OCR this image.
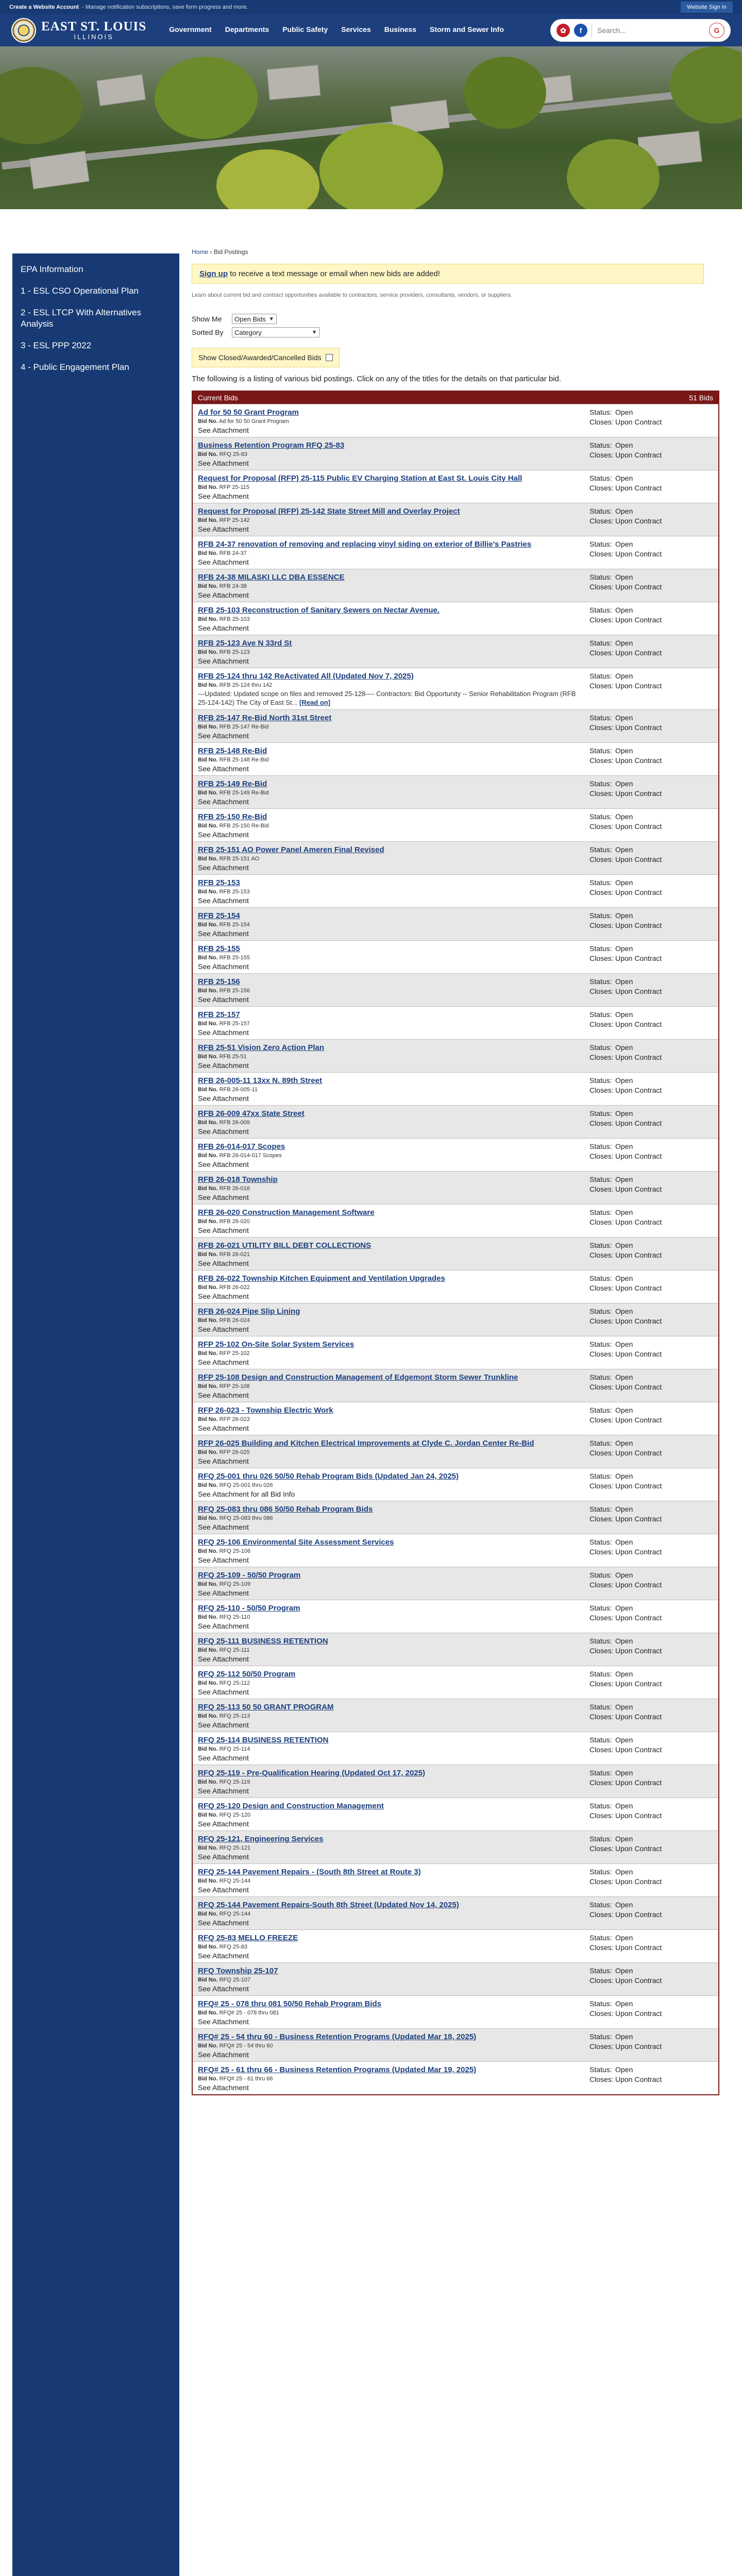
Create a Website Account - Manage notification subscriptions, save form progress and more.	Website Sign In
EAST ST. LOUIS
ILLINOIS
Government Departments Public Safety Services Business Storm and Sewer Info	✿	f
Search...	G
EPA Information
1 - ESL CSO Operational Plan
2 - ESL LTCP With Alternatives Analysis
3 - ESL PPP 2022
4 - Public Engagement Plan
Home › Bid Postings
Sign up to receive a text message or email when new bids are added!
Learn about current bid and contract opportunities available to contractors, service providers, consultants, vendors, or suppliers.
Show Me	Open Bids ▼
Sorted By	Category	▼
Show Closed/Awarded/Cancelled Bids
The following is a listing of various bid postings. Click on any of the titles for the details on that particular bid.
Current Bids	51 Bids
Ad for 50 50 Grant Program
Bid No. Ad for 50 50 Grant Program
See Attachment
Status: Open
Closes: Upon Contract
Business Retention Program RFQ 25-83
Bid No. RFQ 25-83
See Attachment
Status: Open
Closes: Upon Contract
Request for Proposal (RFP) 25-115 Public EV Charging Station at East St. Louis City Hall
Bid No. RFP 25-115
See Attachment
Status: Open
Closes: Upon Contract
Request for Proposal (RFP) 25-142 State Street Mill and Overlay Project
Bid No. RFP 25-142
See Attachment
Status: Open
Closes: Upon Contract
RFB 24-37 renovation of removing and replacing vinyl siding on exterior of Billie's Pastries
Bid No. RFB 24-37
See Attachment
Status: Open
Closes: Upon Contract
RFB 24-38 MILASKI LLC DBA ESSENCE
Bid No. RFB 24-38
See Attachment
Status: Open
Closes: Upon Contract
RFB 25-103 Reconstruction of Sanitary Sewers on Nectar Avenue.
Bid No. RFB 25-103
See Attachment
Status: Open
Closes: Upon Contract
RFB 25-123 Ave N 33rd St
Bid No. RFB 25-123
See Attachment
Status: Open
Closes: Upon Contract
RFB 25-124 thru 142 ReActivated All (Updated Nov 7, 2025)
Bid No. RFB 25-124 thru 142
---Updated: Updated scope on files and removed 25-128---- Contractors: Bid Opportunity -- Senior Rehabilitation Program (RFB 25-124-142) The City of East St... [Read on]
Status: Open
Closes: Upon Contract
RFB 25-147 Re-Bid North 31st Street
Bid No. RFB 25-147 Re-Bid
See Attachment
Status: Open
Closes: Upon Contract
RFB 25-148 Re-Bid
Bid No. RFB 25-148 Re-Bid
See Attachment
Status: Open
Closes: Upon Contract
RFB 25-149 Re-Bid
Bid No. RFB 25-149 Re-Bid
See Attachment
Status: Open
Closes: Upon Contract
RFB 25-150 Re-Bid
Bid No. RFB 25-150 Re-Bid
See Attachment
Status: Open
Closes: Upon Contract
RFB 25-151 AO Power Panel Ameren Final Revised
Bid No. RFB 25-151 AO
See Attachment
Status: Open
Closes: Upon Contract
RFB 25-153
Bid No. RFB 25-153
See Attachment
Status: Open
Closes: Upon Contract
RFB 25-154
Bid No. RFB 25-154
See Attachment
Status: Open
Closes: Upon Contract
RFB 25-155
Bid No. RFB 25-155
See Attachment
Status: Open
Closes: Upon Contract
RFB 25-156
Bid No. RFB 25-156
See Attachment
Status: Open
Closes: Upon Contract
RFB 25-157
Bid No. RFB 25-157
See Attachment
Status: Open
Closes: Upon Contract
RFB 25-51 Vision Zero Action Plan
Bid No. RFB 25-51
See Attachment
Status: Open
Closes: Upon Contract
RFB 26-005-11 13xx N. 89th Street
Bid No. RFB 26-005-11
See Attachment
Status: Open
Closes: Upon Contract
RFB 26-009 47xx State Street
Bid No. RFB 26-009
See Attachment
Status: Open
Closes: Upon Contract
RFB 26-014-017 Scopes
Bid No. RFB 26-014-017 Scopes
See Attachment
Status: Open
Closes: Upon Contract
RFB 26-018 Township
Bid No. RFB 26-018
See Attachment
Status: Open
Closes: Upon Contract
RFB 26-020 Construction Management Software
Bid No. RFB 26-020
See Attachment
Status: Open
Closes: Upon Contract
RFB 26-021 UTILITY BILL DEBT COLLECTIONS
Bid No. RFB 26-021
See Attachment
Status: Open
Closes: Upon Contract
RFB 26-022 Township Kitchen Equipment and Ventilation Upgrades
Bid No. RFB 26-022
See Attachment
Status: Open
Closes: Upon Contract
RFB 26-024 Pipe Slip Lining
Bid No. RFB 26-024
See Attachment
Status: Open
Closes: Upon Contract
RFP 25-102 On-Site Solar System Services
Bid No. RFP 25-102
See Attachment
Status: Open
Closes: Upon Contract
RFP 25-108 Design and Construction Management of Edgemont Storm Sewer Trunkline
Bid No. RFP 25-108
See Attachment
Status: Open
Closes: Upon Contract
RFP 26-023 - Township Electric Work
Bid No. RFP 26-023
See Attachment
Status: Open
Closes: Upon Contract
RFP 26-025 Building and Kitchen Electrical Improvements at Clyde C. Jordan Center Re-Bid
Bid No. RFP 26-025
See Attachment
Status: Open
Closes: Upon Contract
RFQ 25-001 thru 026 50/50 Rehab Program Bids (Updated Jan 24, 2025)
Bid No. RFQ 25-001 thru 026
See Attachment for all Bid Info
Status: Open
Closes: Upon Contract
RFQ 25-083 thru 086 50/50 Rehab Program Bids
Bid No. RFQ 25-083 thru 086
See Attachment
Status: Open
Closes: Upon Contract
RFQ 25-106 Environmental Site Assessment Services
Bid No. RFQ 25-106
See Attachment
Status: Open
Closes: Upon Contract
RFQ 25-109 - 50/50 Program
Bid No. RFQ 25-109
See Attachment
Status: Open
Closes: Upon Contract
RFQ 25-110 - 50/50 Program
Bid No. RFQ 25-110
See Attachment
Status: Open
Closes: Upon Contract
RFQ 25-111 BUSINESS RETENTION
Bid No. RFQ 25-111
See Attachment
Status: Open
Closes: Upon Contract
RFQ 25-112 50/50 Program
Bid No. RFQ 25-112
See Attachment
Status: Open
Closes: Upon Contract
RFQ 25-113 50 50 GRANT PROGRAM
Bid No. RFQ 25-113
See Attachment
Status: Open
Closes: Upon Contract
RFQ 25-114 BUSINESS RETENTION
Bid No. RFQ 25-114
See Attachment
Status: Open
Closes: Upon Contract
RFQ 25-119 - Pre-Qualification Hearing (Updated Oct 17, 2025)
Bid No. RFQ 25-119
See Attachment
Status: Open
Closes: Upon Contract
RFQ 25-120 Design and Construction Management
Bid No. RFQ 25-120
See Attachment
Status: Open
Closes: Upon Contract
RFQ 25-121, Engineering Services
Bid No. RFQ 25-121
See Attachment
Status: Open
Closes: Upon Contract
RFQ 25-144 Pavement Repairs - (South 8th Street at Route 3)
Bid No. RFQ 25-144
See Attachment
Status: Open
Closes: Upon Contract
RFQ 25-144 Pavement Repairs-South 8th Street (Updated Nov 14, 2025)
Bid No. RFQ 25-144
See Attachment
Status: Open
Closes: Upon Contract
RFQ 25-83 MELLO FREEZE
Bid No. RFQ 25-83
See Attachment
Status: Open
Closes: Upon Contract
RFQ Township 25-107
Bid No. RFQ 25-107
See Attachment
Status: Open
Closes: Upon Contract
RFQ# 25 - 078 thru 081 50/50 Rehab Program Bids
Bid No. RFQ# 25 - 078 thru 081
See Attachment
Status: Open
Closes: Upon Contract
RFQ# 25 - 54 thru 60 - Business Retention Programs (Updated Mar 18, 2025)
Bid No. RFQ# 25 - 54 thru 60
See Attachment
Status: Open
Closes: Upon Contract
RFQ# 25 - 61 thru 66 - Business Retention Programs (Updated Mar 19, 2025)
Bid No. RFQ# 25 - 61 thru 66
See Attachment
Status: Open
Closes: Upon Contract
